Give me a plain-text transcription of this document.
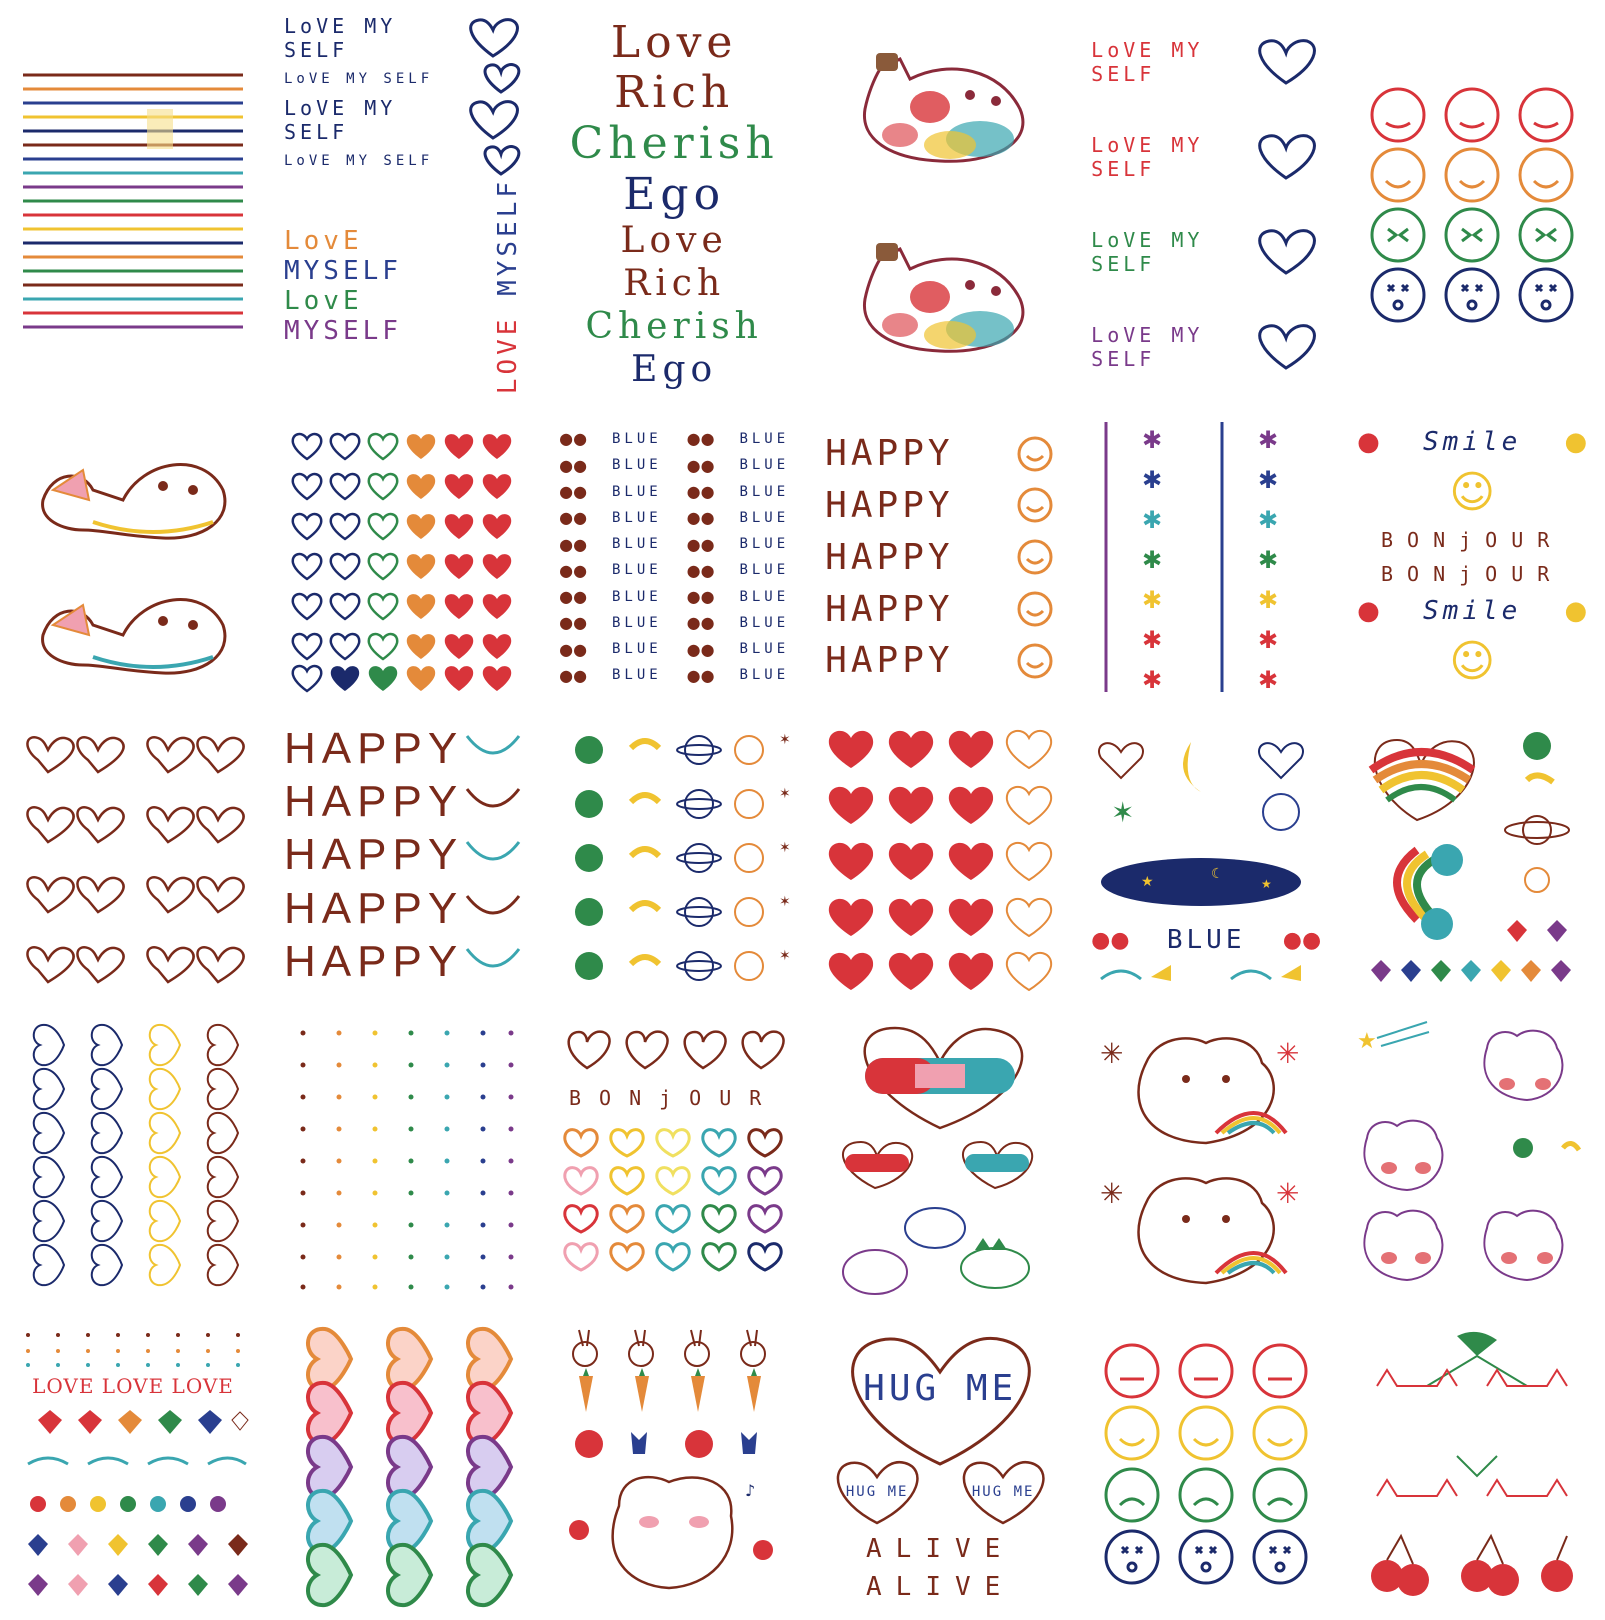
LoVE MY SELF
LoVE MY SELF
LoVE MY SELF
LoVE MY SELF
LovE
MYSELF
LovE
MYSELF	LOVE MYSELF
Love
Rich
Cherish
Ego
Love
Rich
Cherish
Ego
LoVE MY SELF
LoVE MY SELF
LoVE MY SELF
LoVE MY SELF
●● BLUE ●● BLUE
●● BLUE ●● BLUE
●● BLUE ●● BLUE
●● BLUE ●● BLUE
●● BLUE ●● BLUE
●● BLUE ●● BLUE
●● BLUE ●● BLUE
●● BLUE ●● BLUE
●● BLUE ●● BLUE
●● BLUE ●● BLUE
HAPPY
HAPPY
HAPPY
HAPPY
HAPPY
✱	✱
✱	✱
✱	✱
✱	✱
✱	✱
✱	✱
✱	✱
● Smile ●
☺
BONjOUR
BONjOUR
● Smile ●
☺
HAPPY
HAPPY
HAPPY
HAPPY
HAPPY
✶
✶
✶
✶
✶
✶
★	☾
★
●● BLUE ●●
BONjOUR
✳	✳
✳	✳
★
LOVE LOVE LOVE
♪
HUG ME
HUG ME	HUG ME
ALIVE
ALIVE
